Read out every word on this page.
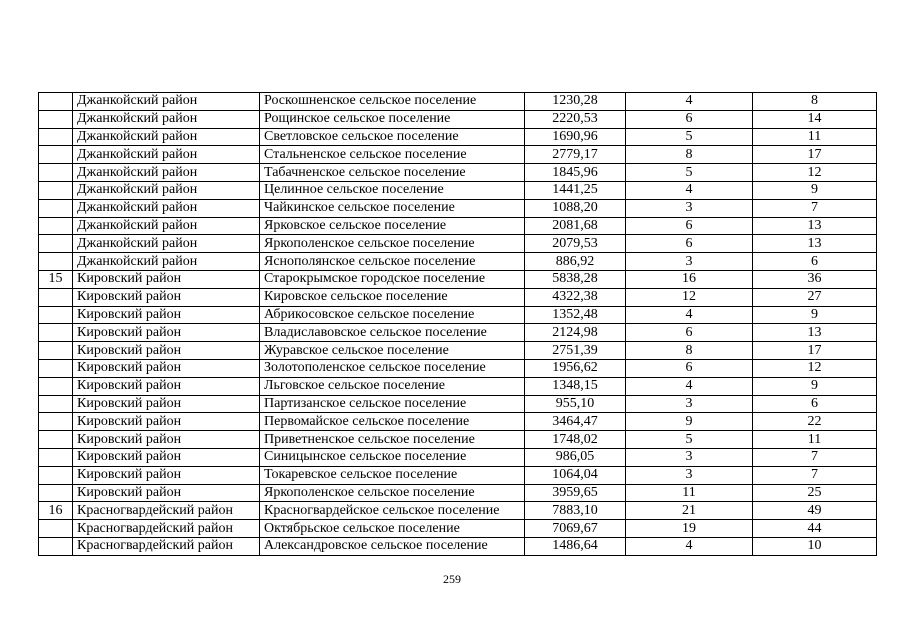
	Джанкойский район	Роскошненское сельское поселение	1230,28	4	8
	Джанкойский район	Рощинское сельское поселение	2220,53	6	14
	Джанкойский район	Светловское сельское поселение	1690,96	5	11
	Джанкойский район	Стальненское сельское поселение	2779,17	8	17
	Джанкойский район	Табачненское сельское поселение	1845,96	5	12
	Джанкойский район	Целинное сельское поселение	1441,25	4	9
	Джанкойский район	Чайкинское сельское поселение	1088,20	3	7
	Джанкойский район	Ярковское сельское поселение	2081,68	6	13
	Джанкойский район	Яркополенское сельское поселение	2079,53	6	13
	Джанкойский район	Яснополянское сельское поселение	886,92	3	6
15	Кировский район	Старокрымское городское поселение	5838,28	16	36
	Кировский район	Кировское сельское поселение	4322,38	12	27
	Кировский район	Абрикосовское сельское поселение	1352,48	4	9
	Кировский район	Владиславовское сельское поселение	2124,98	6	13
	Кировский район	Журавское сельское поселение	2751,39	8	17
	Кировский район	Золотополенское сельское поселение	1956,62	6	12
	Кировский район	Льговское сельское поселение	1348,15	4	9
	Кировский район	Партизанское сельское поселение	955,10	3	6
	Кировский район	Первомайское сельское поселение	3464,47	9	22
	Кировский район	Приветненское сельское поселение	1748,02	5	11
	Кировский район	Синицынское сельское поселение	986,05	3	7
	Кировский район	Токаревское сельское поселение	1064,04	3	7
	Кировский район	Яркополенское сельское поселение	3959,65	11	25
16	Красногвардейский район	Красногвардейское сельское поселение	7883,10	21	49
	Красногвардейский район	Октябрьское сельское поселение	7069,67	19	44
	Красногвардейский район	Александровское сельское поселение	1486,64	4	10
259
